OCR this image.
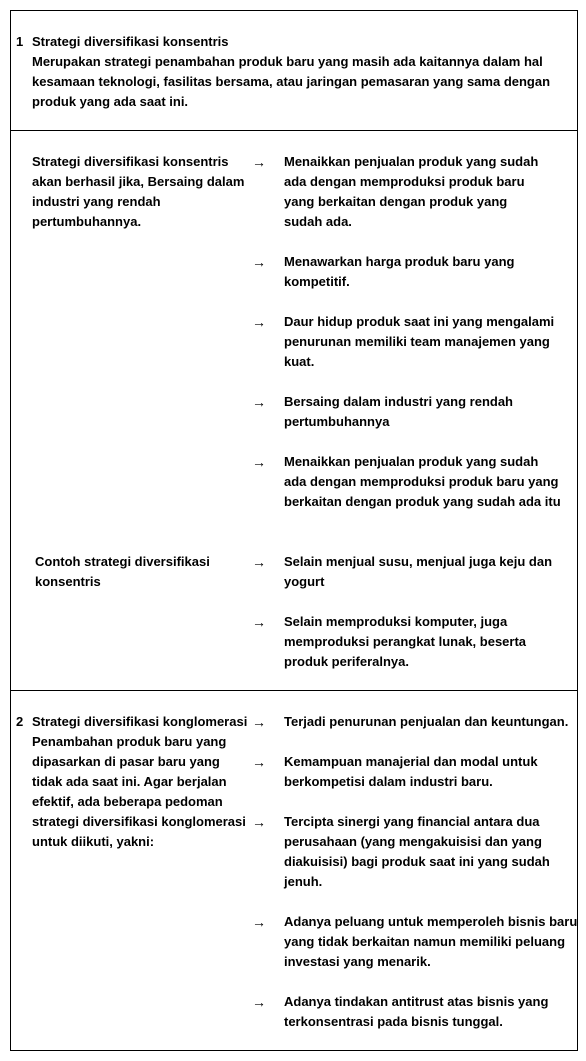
1 Strategi diversifikasi konsentris
Merupakan strategi penambahan produk baru yang masih ada kaitannya dalam hal
kesamaan teknologi, fasilitas bersama, atau jaringan pemasaran yang sama dengan
produk yang ada saat ini.
Strategi diversifikasi konsentris
akan berhasil jika, Bersaing dalam
industri yang rendah
pertumbuhannya.
→ Menaikkan penjualan produk yang sudah
ada dengan memproduksi produk baru
yang berkaitan dengan produk yang
sudah ada.
→ Menawarkan harga produk baru yang
kompetitif.
→ Daur hidup produk saat ini yang mengalami
penurunan memiliki team manajemen yang
kuat.
→ Bersaing dalam industri yang rendah
pertumbuhannya
→ Menaikkan penjualan produk yang sudah
ada dengan memproduksi produk baru yang
berkaitan dengan produk yang sudah ada itu
Contoh strategi diversifikasi
konsentris
→ Selain menjual susu, menjual juga keju dan
yogurt
→ Selain memproduksi komputer, juga
memproduksi perangkat lunak, beserta
produk periferalnya.
2 Strategi diversifikasi konglomerasi
Penambahan produk baru yang
dipasarkan di pasar baru yang
tidak ada saat ini. Agar berjalan
efektif, ada beberapa pedoman
strategi diversifikasi konglomerasi
untuk diikuti, yakni:
→ Terjadi penurunan penjualan dan keuntungan.
→ Kemampuan manajerial dan modal untuk
berkompetisi dalam industri baru.
→ Tercipta sinergi yang financial antara dua
perusahaan (yang mengakuisisi dan yang
diakuisisi) bagi produk saat ini yang sudah
jenuh.
→ Adanya peluang untuk memperoleh bisnis baru
yang tidak berkaitan namun memiliki peluang
investasi yang menarik.
→ Adanya tindakan antitrust atas bisnis yang
terkonsentrasi pada bisnis tunggal.
